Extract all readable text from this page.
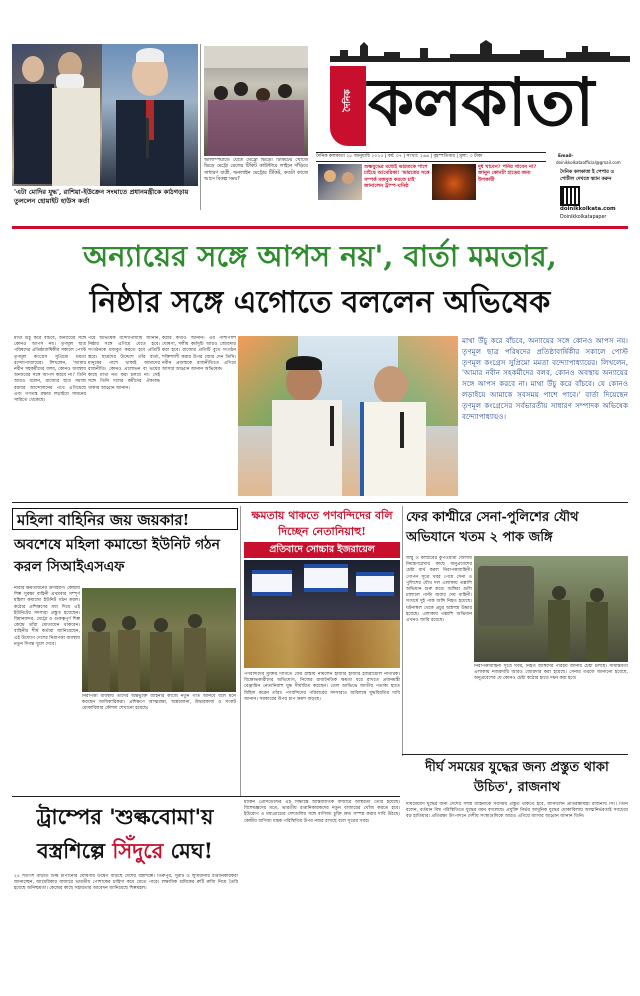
'এটা মোদির যুদ্ধ', রাশিয়া-ইউক্রেন সংঘাতে প্রধানমন্ত্রীকে কাঠগড়ায় তুললেন হোয়াইট হাউস কর্তা
অলিম্পিয়াডে যেতে মেট্রো ভিড়ে! টিকিটের খোঁজে ভিড়ে মেট্রো রেলের টিকিট কাউন্টারে লাইনে দাঁড়িয়ে সাধারণ যাত্রী, অনলাইন মেট্রোর টিকিট, কতটা কাজে আসে বিকল্প সময়?
দৈনিক কলকাতা
দৈনিক কলকাতা ২৮ জানুয়ারি ২০২৫ | বর্ষ: ০৭ | সংখ্যা: ২৬৬ | বৃহস্পতিবার | মূল্য: ৩ টাকা	Email-
doinikkolkataofficial@gmail.com
শুল্কযুদ্ধের মধ্যেই ভারতকে পাশে চাইছে আমেরিকা! 'ভারতের সঙ্গে সম্পর্ক মজবুত করতে চাই' জানালেন ট্রাম্প-ঘনিষ্ঠ
দুধ খাবেন? পনির খাবেন না? জানুন কোনটা হাড়ের জন্য উপকারী
দৈনিক কলকাতা ই পেপার ও পোর্টাল দেখতে স্ক্যান করুন
doinikkolkata.com
Doinikkolkatapaper
অন্যায়ের সঙ্গে আপস নয়', বার্তা মমতার,
নিষ্ঠার সঙ্গে এগোতে বললেন অভিষেক
মাথা উঁচু করে বাঁচবে, অন্যায়ের সঙ্গে কোনও আপস নয়। তৃণমূল ছাত্র পরিষদের প্রতিষ্ঠাবার্ষিকীর সকালে পোস্ট তৃণমূল কংগ্রেস সুপ্রিমো মমতা বন্দ্যোপাধ্যায়ের। লিখলেন, 'আমার নবীন সহকর্মীদের বলব, কোনও অবস্থায় অন্যায়ের সঙ্গে আপস করবে না।' তিনি আরও বলেন, রাজ্যের ছাত্র সমাজ বরাবর আন্দোলনের পথে এগিয়েছে এবং গণতন্ত্র রক্ষার লড়াইয়ে সামনের সারিতে থেকেছে।
পরে অভিষেক বন্দ্যোপাধ্যায় জানান, নিষ্ঠার সঙ্গে এগিয়ে যেতে হবে। সংগঠনকে মজবুত করতে হবে প্রতিটি স্তরে। ছাত্রদের উদ্দেশে তাঁর বার্তা, মানুষের পাশে থাকাই আমাদের রাজনীতি। কোনও প্রলোভন বা ভয়ের কাছে মাথা নত করা চলবে না। সেই সঙ্গে তিনি দলের কর্মীদের ঐক্যবদ্ধ থাকার আহ্বান জানান।
করার কথাও জানান। এর পাশাপাশি ঘোষণা, দলীয় কর্মসূচি আরও জোরদার করা হবে। রাজ্যের প্রতিটি বুথে সংগঠন শক্তিশালী করার উপর জোর দেন তিনি। নবীন প্রজন্মকে রাজনীতিতে এগিয়ে আসার আহ্বান জানান অভিষেক।
মাথা উঁচু করে বাঁচবে, অন্যায়ের সঙ্গে কোনও আপস নয়। তৃণমূল ছাত্র পরিষদের প্রতিষ্ঠাবার্ষিকীর সকালে পোস্ট তৃণমূল কংগ্রেস সুপ্রিমো মমতা বন্দ্যোপাধ্যায়ের। লিখলেন, 'আমার নবীন সহকর্মীদের বলব, কোনও অবস্থায় অন্যায়ের সঙ্গে আপস করবে না। মাথা উঁচু করে বাঁচবে। যে কোনও লড়াইয়ে আমাকে সবসময় পাশে পাবে।' বার্তা দিয়েছেন তৃণমূল কংগ্রেসের সর্বভারতীয় সাধারণ সম্পাদক অভিষেক বন্দ্যোপাধ্যায়ও।
মহিলা বাহিনির জয় জয়কার!
অবশেষে মহিলা কমান্ডো ইউনিট গঠন করল সিআইএসএফ
নারীর ক্ষমতায়নের উদাহরণ। কেন্দ্রীয় শিল্প সুরক্ষা বাহিনী প্রথমবার সম্পূর্ণ মহিলা কমান্ডো ইউনিট গঠন করল। কঠোর প্রশিক্ষণের মধ্য দিয়ে এই ইউনিটের সদস্যরা প্রস্তুত হয়েছেন। বিমানবন্দর, মেট্রো ও গুরুত্বপূর্ণ শিল্প কেন্দ্রে তাঁরা মোতায়েন থাকবেন। বাহিনীর শীর্ষ কর্তারা জানিয়েছেন, এই উদ্যোগ দেশের নিরাপত্তা ব্যবস্থায় নতুন দিগন্ত খুলে দেবে।
নিরাপত্তা ব্যবস্থায় তাঁদের অন্তর্ভুক্তি বাহিনীর কাজে নতুন গতি আনবে বলে মনে করছেন আধিকারিকরা। প্রশিক্ষণে আত্মরক্ষা, অস্ত্রচালনা, উদ্ধারকাজ ও সংকট মোকাবিলার কৌশল শেখানো হয়েছে।
ক্ষমতায় থাকতে পণবন্দিদের বলি দিচ্ছেন নেতানিয়াহু!
প্রতিবাদে সোচ্চার ইজরায়েল
পণবন্দিদের মুক্তির দাবিতে ফের রাস্তায় নামলেন হাজার হাজার ইজরায়েলি নাগরিক। বিক্ষোভকারীদের অভিযোগ, নিজের রাজনৈতিক ক্ষমতা ধরে রাখতে প্রধানমন্ত্রী বেঞ্জামিন নেতানিয়াহু যুদ্ধ দীর্ঘায়িত করছেন। তেল আভিভে জাতীয় পতাকা হাতে মিছিল করেন তাঁরা। পণবন্দিদের পরিবারের সদস্যরাও অবিলম্বে যুদ্ধবিরতির দাবি জানান। সরকারের উপর চাপ ক্রমশ বাড়ছে।
ফের কাশ্মীরে সেনা-পুলিশের যৌথ অভিযানে খতম ২ পাক জঙ্গি
জম্মু ও কাশ্মীরের কুপওয়ারা জেলায় নিয়ন্ত্রণরেখার কাছে অনুপ্রবেশের চেষ্টা ব্যর্থ করল নিরাপত্তাবাহিনী। গোপন সূত্রে খবর পেয়ে সেনা ও পুলিশের যৌথ দল এলাকায় তল্লাশি অভিযান শুরু করে। জঙ্গিরা গুলি চালালে পাল্টা জবাব দেয় বাহিনী। সংঘর্ষে দুই পাক জঙ্গি নিহত হয়েছে। ঘটনাস্থল থেকে প্রচুর অস্ত্রশস্ত্র উদ্ধার হয়েছে। এলাকায় তল্লাশি অভিযান এখনও জারি রয়েছে।
নিরাপত্তাবাহিনী সূত্রে খবর, নিহত জঙ্গিদের পরিচয় জানার চেষ্টা চলছে। সীমান্তবর্তী এলাকায় নজরদারি আরও জোরদার করা হয়েছে। সেনার তরফে জানানো হয়েছে, অনুপ্রবেশের যে কোনও চেষ্টা কঠোর হাতে দমন করা হবে।
দীর্ঘ সময়ের যুদ্ধের জন্য প্রস্তুত থাকা উচিত', রাজনাথ
দীর্ঘমেয়াদি যুদ্ধের জন্য দেশের সশস্ত্র বাহিনীকে সবসময় প্রস্তুত থাকতে হবে, জানালেন প্রতিরক্ষামন্ত্রী রাজনাথ সিং। তিনি বলেন, বর্তমান বিশ্ব পরিস্থিতিতে যুদ্ধের ধরন বদলেছে। প্রযুক্তি নির্ভর আধুনিক যুদ্ধের মোকাবিলায় আত্মনির্ভরতাই সবচেয়ে বড় হাতিয়ার। প্রতিরক্ষা উৎপাদনে দেশীয় সংস্থাগুলিকে আরও এগিয়ে আসার আহ্বান জানান তিনি।
ট্রাম্পের 'শুল্কবোমা'য়
বস্ত্রশিল্পে সিঁদুরে মেঘ!
২৫ শতাংশ বাড়তি শুল্ক চাপানোর ঘোষণায় উদ্বেগ বাড়ছে দেশের বস্ত্রশিল্পে। তিরুপুর, সুরাট ও লুধিয়ানার রপ্তানিকারকরা জানাচ্ছেন, আমেরিকার বাজারে ভারতীয় পোশাকের চাহিদা কমে যেতে পারে। লক্ষাধিক শ্রমিকের রুটি রুজি নিয়ে তৈরি হয়েছে অনিশ্চয়তা। কেন্দ্রের কাছে সহায়তার আবেদন জানিয়েছে শিল্পমহল।
মার্কিন প্রেসিডেন্টের এই সিদ্ধান্তে আন্তর্জাতিক বাজারে অস্থিরতা তৈরি হয়েছে। বিশেষজ্ঞদের মতে, ভারতীয় রপ্তানিকারকদের নতুন বাজারের খোঁজ করতে হবে। ইউরোপ ও মধ্যপ্রাচ্যের দেশগুলির সঙ্গে বাণিজ্য চুক্তি দ্রুত সম্পন্ন করার দাবি উঠছে। কেন্দ্রীয় বাণিজ্য মন্ত্রক পরিস্থিতির উপর নজর রাখছে বলে সূত্রের খবর।
